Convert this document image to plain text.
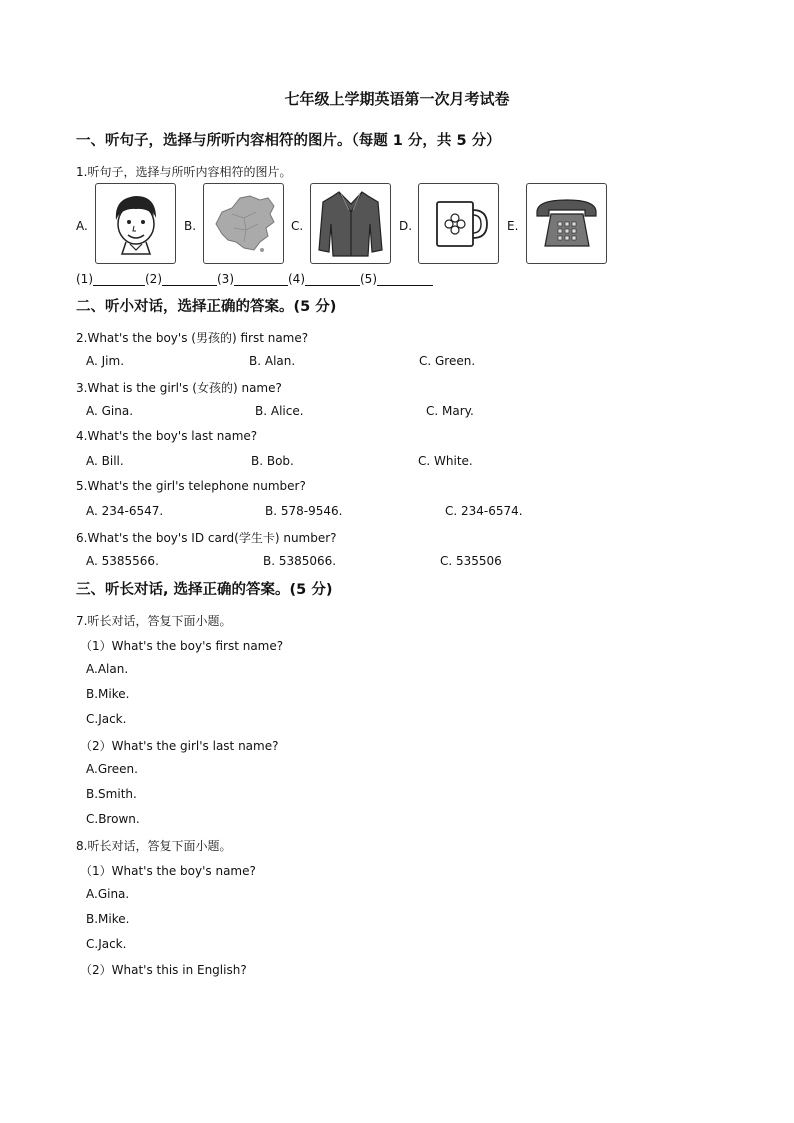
七年级上学期英语第一次月考试卷
一、听句子，选择与所听内容相符的图片。（每题 1 分，共 5 分）
1.听句子，选择与所听内容相符的图片。
A.	B.	C.	D.	E.
(1)	(2)	(3)	(4)	(5)
二、听小对话，选择正确的答案。(5 分)
2.What's the boy's (男孩的) first name?
A. Jim.	B. Alan.	C. Green.
3.What is the girl's (女孩的) name?
A. Gina.	B. Alice.	C. Mary.
4.What's the boy's last name?
A. Bill.	B. Bob.	C. White.
5.What's the girl's telephone number?
A. 234-6547.	B. 578-9546.	C. 234-6574.
6.What's the boy's ID card(学生卡) number?
A. 5385566.	B. 5385066.	C. 535506
三、听长对话, 选择正确的答案。(5 分)
7.听长对话，答复下面小题。
（1）What's the boy's first name?
A.Alan.
B.Mike.
C.Jack.
（2）What's the girl's last name?
A.Green.
B.Smith.
C.Brown.
8.听长对话，答复下面小题。
（1）What's the boy's name?
A.Gina.
B.Mike.
C.Jack.
（2）What's this in English?
